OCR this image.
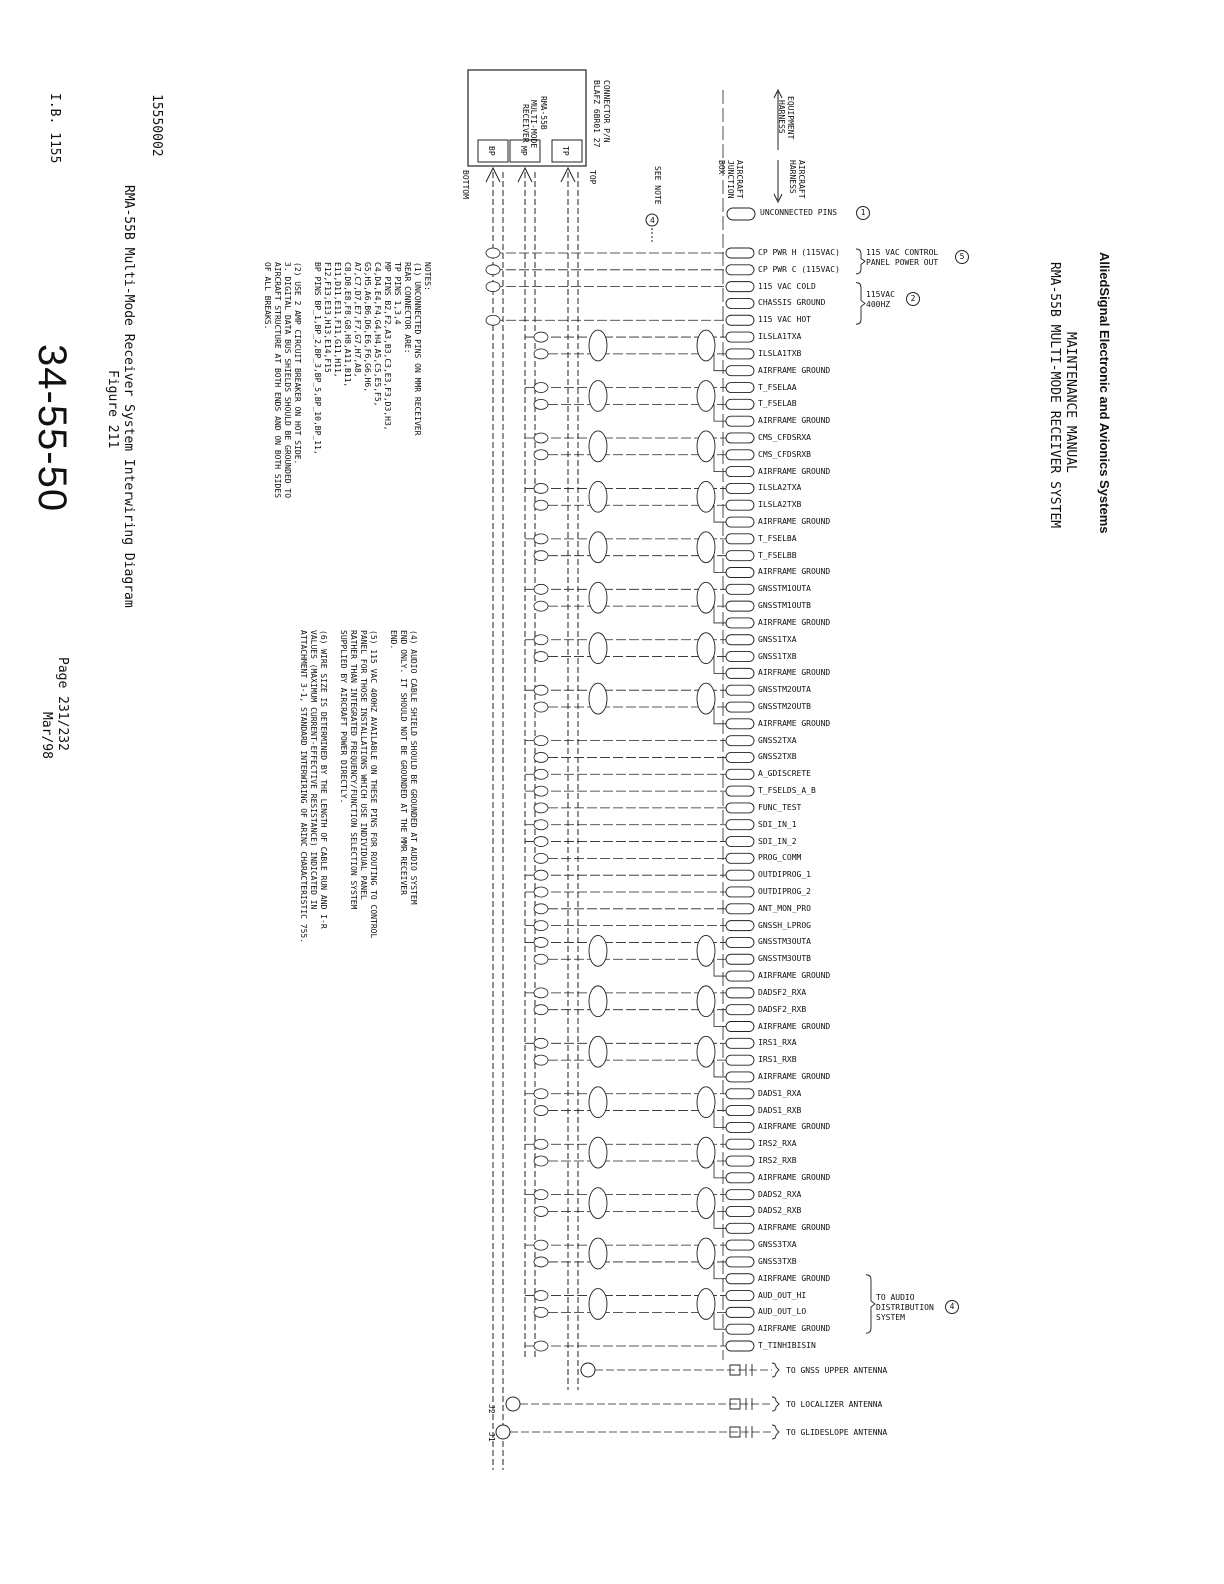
AlliedSignal Electronic and Avionics Systems
MAINTENANCE MANUAL
RMA-55B MULTI-MODE RECEIVER SYSTEM
I.B. 1155	15550002
RMA-55B Multi-Mode Receiver System Interwiring Diagram
Figure 211
34-55-50
Page 231/232
Mar/98
NOTES:
(1) UNCONNECTED PINS ON MMR RECEIVER
REAR CONNECTOR ARE:
TP PINS 1,3,4
MP PINS B2,F2,A3,B3,C3,E3,F3,D3,H3,
C4,D4,E4,F4,G4,H4,A5,C5,E5,F5,
G5,H5,A6,B6,D6,E6,F6,G6,H6,
A7,C7,D7,E7,F7,G7,H7,A8,
C8,D8,E8,F8,G8,H8,A11,B11,
E11,D11,E11,F11,G11,H11,
F12,F13,E13,H13,E14,F15
BP PINS BP_1,BP_2,BP_3,BP_5,BP_10,BP_11,

(2) USE 2 AMP CIRCUIT BREAKER ON HOT SIDE.
3. DIGITAL DATA BUS SHIELDS SHOULD BE GROUNDED TO
AIRCRAFT STRUCTURE AT BOTH ENDS AND ON BOTH SIDES
OF ALL BREAKS.
(4) AUDIO CABLE SHIELD SHOULD BE GROUNDED AT AUDIO SYSTEM
END ONLY. IT SHOULD NOT BE GROUNDED AT THE MMR RECEIVER
END.

(5) 115 VAC 400HZ AVAILABLE ON THESE PINS FOR ROUTING TO CONTROL
PANEL FOR THOSE INSTALLATIONS WHICH USE INDIVIDUAL PANEL
RATHER THAN INTEGRATED FREQUENCY/FUNCTION SELECTION SYSTEM
SUPPLIED BY AIRCRAFT POWER DIRECTLY.

(6) WIRE SIZE IS DETERMINED BY THE LENGTH OF CABLE RUN AND I-R
VALUES (MAXIMUM CURRENT-EFFECTIVE RESISTANCE) INDICATED IN
ATTACHMENT 3-1, STANDARD INTERWIRING OF ARINC CHARACTERISTIC 755.
RMA-55B
MULTI-MODE
RECEIVER	CONNECTOR P/N
BLAFZ 6BR01 27
BP	MP	TP
TOP
BOTTOM
EQUIPMENT
HARNESS
AIRCRAFT
HARNESS
AIRCRAFT
JUNCTION
BOX
SEE NOTE
4
UNCONNECTED PINS	1
CP PWR H (115VAC)
CP PWR C (115VAC)
115 VAC COLD
CHASSIS GROUND
115 VAC HOT
ILSLA1TXA
ILSLA1TXB
AIRFRAME GROUND
T_FSELAA
T_FSELAB
AIRFRAME GROUND
CMS_CFDSRXA
CMS_CFDSRXB
AIRFRAME GROUND
ILSLA2TXA
ILSLA2TXB
AIRFRAME GROUND
T_FSELBA
T_FSELBB
AIRFRAME GROUND
GNSSTM1OUTA
GNSSTM1OUTB
AIRFRAME GROUND
GNSS1TXA
GNSS1TXB
AIRFRAME GROUND
GNSSTM2OUTA
GNSSTM2OUTB
AIRFRAME GROUND
GNSS2TXA
GNSS2TXB
A_GDISCRETE
T_FSELDS_A_B
FUNC_TEST
SDI_IN_1
SDI_IN_2
PROG_COMM
OUTDIPROG_1
OUTDIPROG_2
ANT_MON_PRO
GNSSH_LPROG
GNSSTM3OUTA
GNSSTM3OUTB
AIRFRAME GROUND
DADSF2_RXA
DADSF2_RXB
AIRFRAME GROUND
IRS1_RXA
IRS1_RXB
AIRFRAME GROUND
DADS1_RXA
DADS1_RXB
AIRFRAME GROUND
IRS2_RXA
IRS2_RXB
AIRFRAME GROUND
DADS2_RXA
DADS2_RXB
AIRFRAME GROUND
GNSS3TXA
GNSS3TXB
AIRFRAME GROUND
AUD_OUT_HI
AUD_OUT_LO
AIRFRAME GROUND
T_TINHIBISIN
115 VAC CONTROL
PANEL POWER OUT
5
115VAC
400HZ
2
TO AUDIO
DISTRIBUTION
SYSTEM
4
TO GNSS UPPER ANTENNA
TO LOCALIZER ANTENNA
TO GLIDESLOPE ANTENNA
J2
J1
